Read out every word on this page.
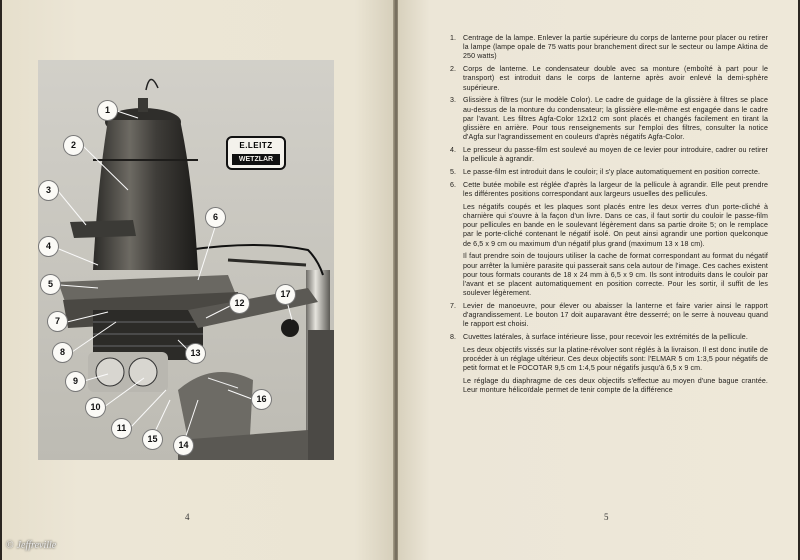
E.LEITZ
WETZLAR
1
2
3
4
5
6
7
8
9
10
11
12
13
14
15
16
17
4	5
1. Centrage de la lampe. Enlever la partie supérieure du corps de lanterne pour placer ou retirer la lampe (lampe opale de 75 watts pour branchement direct sur le secteur ou lampe Aktina de 250 watts)
2. Corps de lanterne. Le condensateur double avec sa monture (emboîté à part pour le transport) est introduit dans le corps de lanterne après avoir enlevé la demi-sphère supérieure.
3. Glissière à filtres (sur le modèle Color). Le cadre de guidage de la glissière à filtres se place au-dessus de la monture du condensateur; la glissière elle-même est engagée dans le cadre par l'avant. Les filtres Agfa-Color 12x12 cm sont placés et changés facilement en tirant la glissière en arrière. Pour tous renseignements sur l'emploi des filtres, consulter la notice d'Agfa sur l'agrandissement en couleurs d'après négatifs Agfa-Color.
4. Le presseur du passe-film est soulevé au moyen de ce levier pour introduire, cadrer ou retirer la pellicule à agrandir.
5. Le passe-film est introduit dans le couloir; il s'y place automatiquement en position correcte.
6. Cette butée mobile est réglée d'après la largeur de la pellicule à agrandir. Elle peut prendre les différentes positions correspondant aux largeurs usuelles des pellicules.
Les négatifs coupés et les plaques sont placés entre les deux verres d'un porte-cliché à charnière qui s'ouvre à la façon d'un livre. Dans ce cas, il faut sortir du couloir le passe-film pour pellicules en bande en le soulevant légèrement dans sa partie droite 5; on le remplace par le porte-cliché contenant le négatif isolé. On peut ainsi agrandir une portion quelconque de 6,5 x 9 cm ou maximum d'un négatif plus grand (maximum 13 x 18 cm).
Il faut prendre soin de toujours utiliser la cache de format correspondant au format du négatif pour arrêter la lumière parasite qui passerait sans cela autour de l'image. Ces caches existent pour tous formats courants de 18 x 24 mm à 6,5 x 9 cm. Ils sont introduits dans le couloir par l'avant et se placent automatiquement en position correcte. Pour les sortir, il suffit de les soulever légèrement.
7. Levier de manoeuvre, pour élever ou abaisser la lanterne et faire varier ainsi le rapport d'agrandissement. Le bouton 17 doit auparavant être desserré; on le serre à nouveau quand le rapport est choisi.
8. Cuvettes latérales, à surface intérieure lisse, pour recevoir les extrémités de la pellicule.
Les deux objectifs vissés sur la platine-révolver sont réglés à la livraison. Il est donc inutile de procéder à un réglage ultérieur. Ces deux objectifs sont: l'ELMAR 5 cm 1:3,5 pour négatifs de petit format et le FOCOTAR 9,5 cm 1:4,5 pour négatifs jusqu'à 6,5 x 9 cm.
Le réglage du diaphragme de ces deux objectifs s'effectue au moyen d'une bague crantée. Leur monture hélicoïdale permet de tenir compte de la différence
© Jeffreville
